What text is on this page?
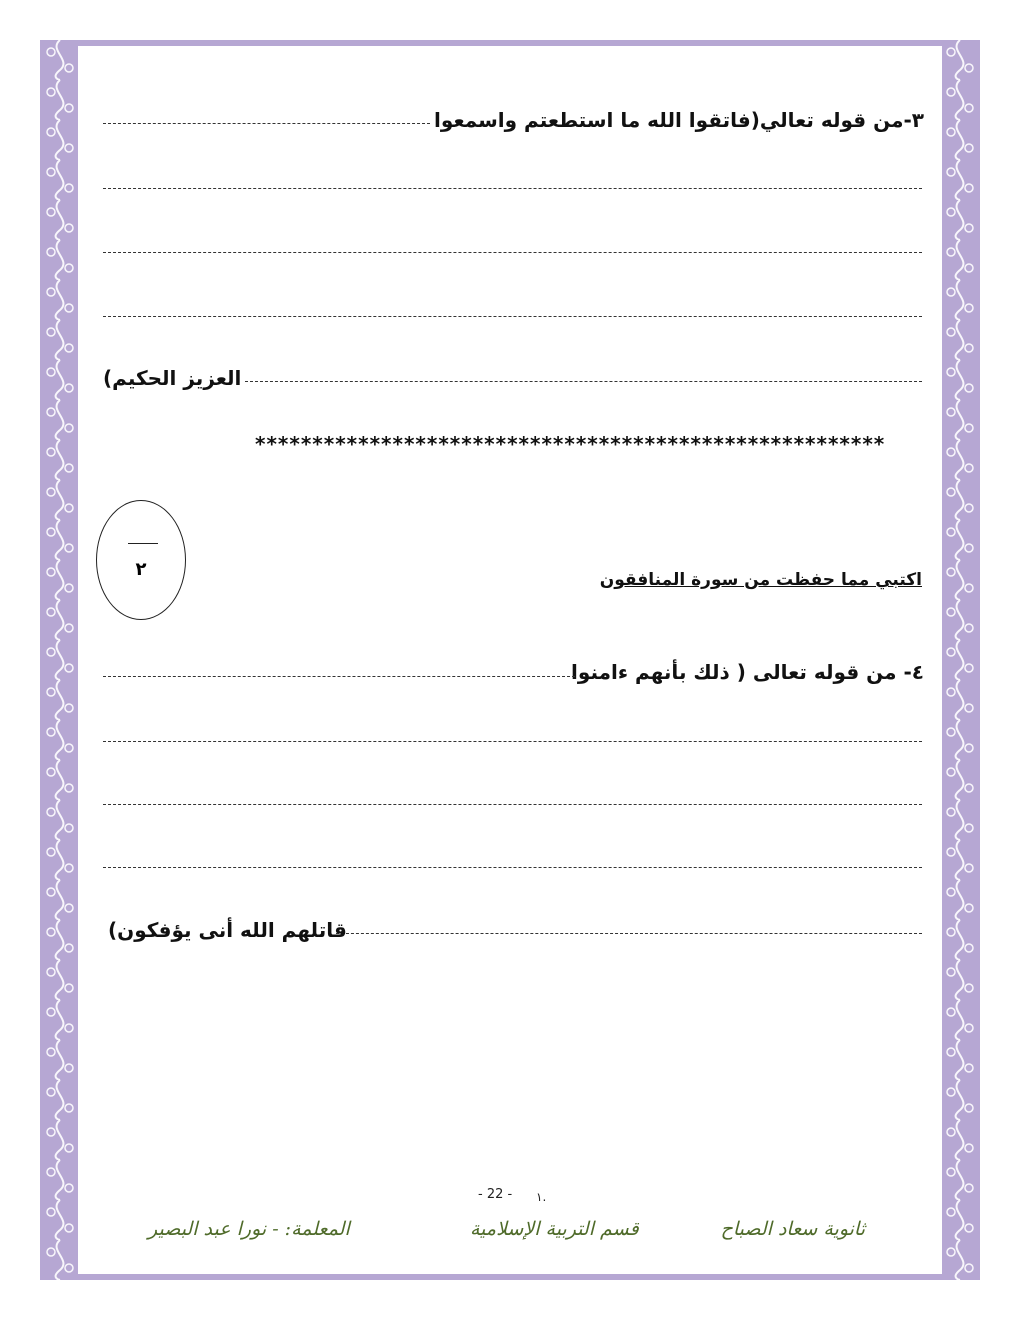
٣-من قوله تعالي(فاتقوا الله ما استطعتم واسمعوا
العزيز الحكيم)
*******************************************************
٢	اكتبي مما حفظت من سورة المنافقون
٤- من قوله تعالى ( ذلك بأنهم ءامنوا
قاتلهم الله أنى يؤفكون)
- 22 - ١.
ثانوية سعاد الصباح
قسم التربية الإسلامية
المعلمة: - نورا عبد البصير
